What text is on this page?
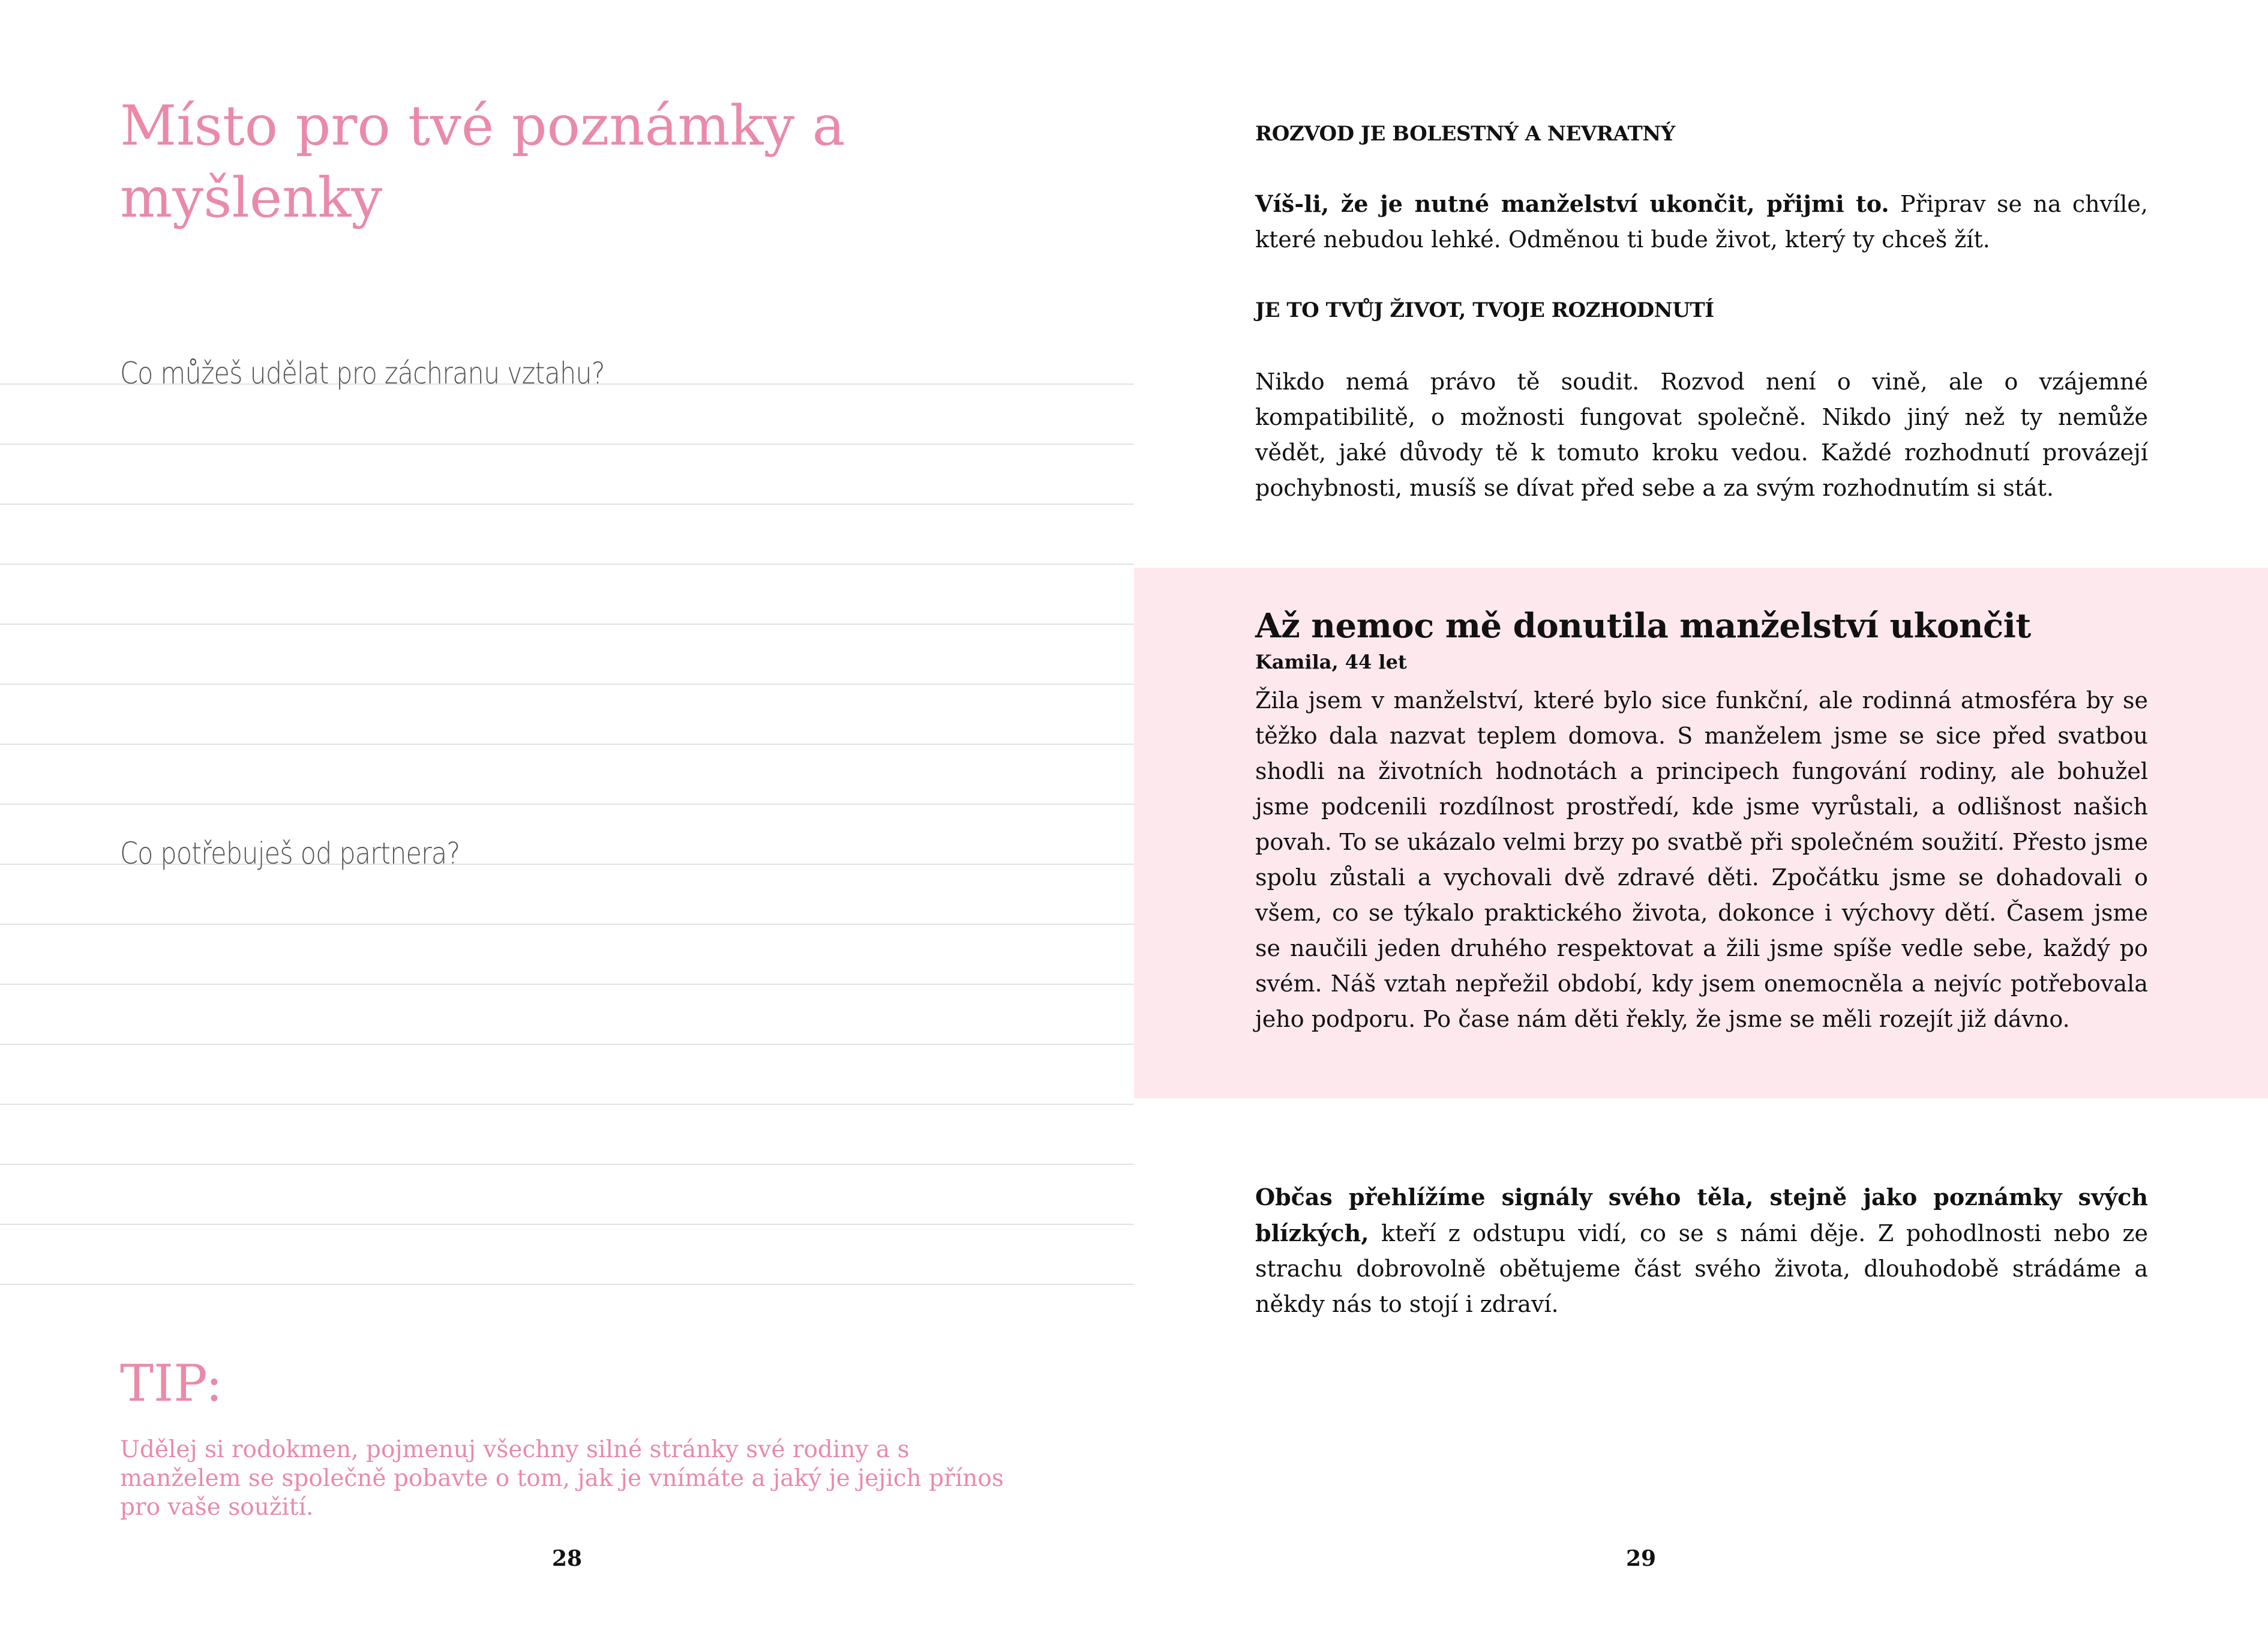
Místo pro tvé poznámky a myšlenky
Co můžeš udělat pro záchranu vztahu?
Co potřebuješ od partnera?
TIP:

Udělej si rodokmen, pojmenuj všechny silné stránky své rodiny a s manželem se společně pobavte o tom, jak je vnímáte a jaký je jejich přínos pro vaše soužití.

28
ROZVOD JE BOLESTNÝ A NEVRATNÝ

Víš-li, že je nutné manželství ukončit, přijmi to. Připrav se na chvíle, které nebudou lehké. Odměnou ti bude život, který ty chceš žít.

JE TO TVŮJ ŽIVOT, TVOJE ROZHODNUTÍ

Nikdo nemá právo tě soudit. Rozvod není o vině, ale o vzájemné kompatibilitě, o možnosti fungovat společně. Nikdo jiný než ty nemůže vědět, jaké důvody tě k tomuto kroku vedou. Každé rozhodnutí provázejí pochybnosti, musíš se dívat před sebe a za svým rozhodnutím si stát.

Až nemoc mě donutila manželství ukončit
Kamila, 44 let

Žila jsem v manželství, které bylo sice funkční, ale rodinná atmosféra by se těžko dala nazvat teplem domova. S manželem jsme se sice před svatbou shodli na životních hodnotách a principech fungování rodiny, ale bohužel jsme podcenili rozdílnost prostředí, kde jsme vyrůstali, a odlišnost našich povah. To se ukázalo velmi brzy po svatbě při společném soužití. Přesto jsme spolu zůstali a vychovali dvě zdravé děti. Zpočátku jsme se dohadovali o všem, co se týkalo praktického života, dokonce i výchovy dětí. Časem jsme se naučili jeden druhého respektovat a žili jsme spíše vedle sebe, každý po svém. Náš vztah nepřežil období, kdy jsem onemocněla a nejvíc potřebovala jeho podporu. Po čase nám děti řekly, že jsme se měli rozejít již dávno.

Občas přehlížíme signály svého těla, stejně jako poznámky svých blízkých, kteří z odstupu vidí, co se s námi děje. Z pohodlnosti nebo ze strachu dobrovolně obětujeme část svého života, dlouhodobě strádáme a někdy nás to stojí i zdraví.

29
